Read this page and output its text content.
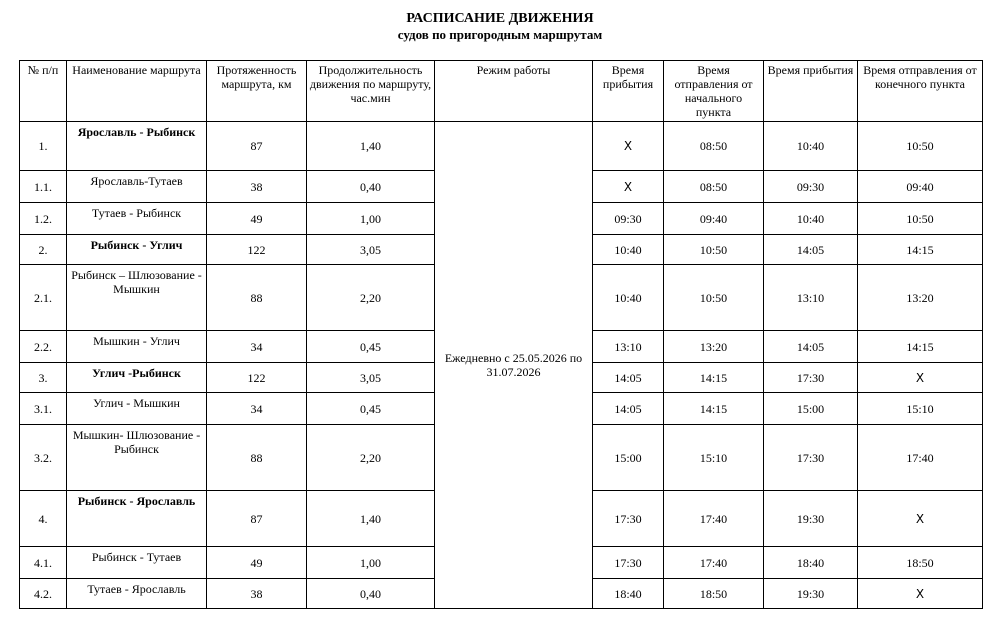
РАСПИСАНИЕ ДВИЖЕНИЯ
судов по пригородным маршрутам
№ п/п	Наименование маршрута	Протяженность маршрута, км	Продолжительность движения по маршруту, час.мин	Режим работы	Время прибытия	Время отправления от начального пункта	Время прибытия	Время отправления от конечного пункта
1.	Ярославль - Рыбинск	87	1,40	Ежедневно с 25.05.2026 по 31.07.2026	Х	08:50	10:40	10:50
1.1.	Ярославль-Тутаев	38	0,40		Х	08:50	09:30	09:40
1.2.	Тутаев - Рыбинск	49	1,00		09:30	09:40	10:40	10:50
2.	Рыбинск - Углич	122	3,05		10:40	10:50	14:05	14:15
2.1.	Рыбинск – Шлюзование - Мышкин	88	2,20		10:40	10:50	13:10	13:20
2.2.	Мышкин - Углич	34	0,45		13:10	13:20	14:05	14:15
3.	Углич -Рыбинск	122	3,05		14:05	14:15	17:30	Х
3.1.	Углич - Мышкин	34	0,45		14:05	14:15	15:00	15:10
3.2.	Мышкин- Шлюзование - Рыбинск	88	2,20		15:00	15:10	17:30	17:40
4.	Рыбинск - Ярославль	87	1,40		17:30	17:40	19:30	Х
4.1.	Рыбинск - Тутаев	49	1,00		17:30	17:40	18:40	18:50
4.2.	Тутаев - Ярославль	38	0,40		18:40	18:50	19:30	Х
